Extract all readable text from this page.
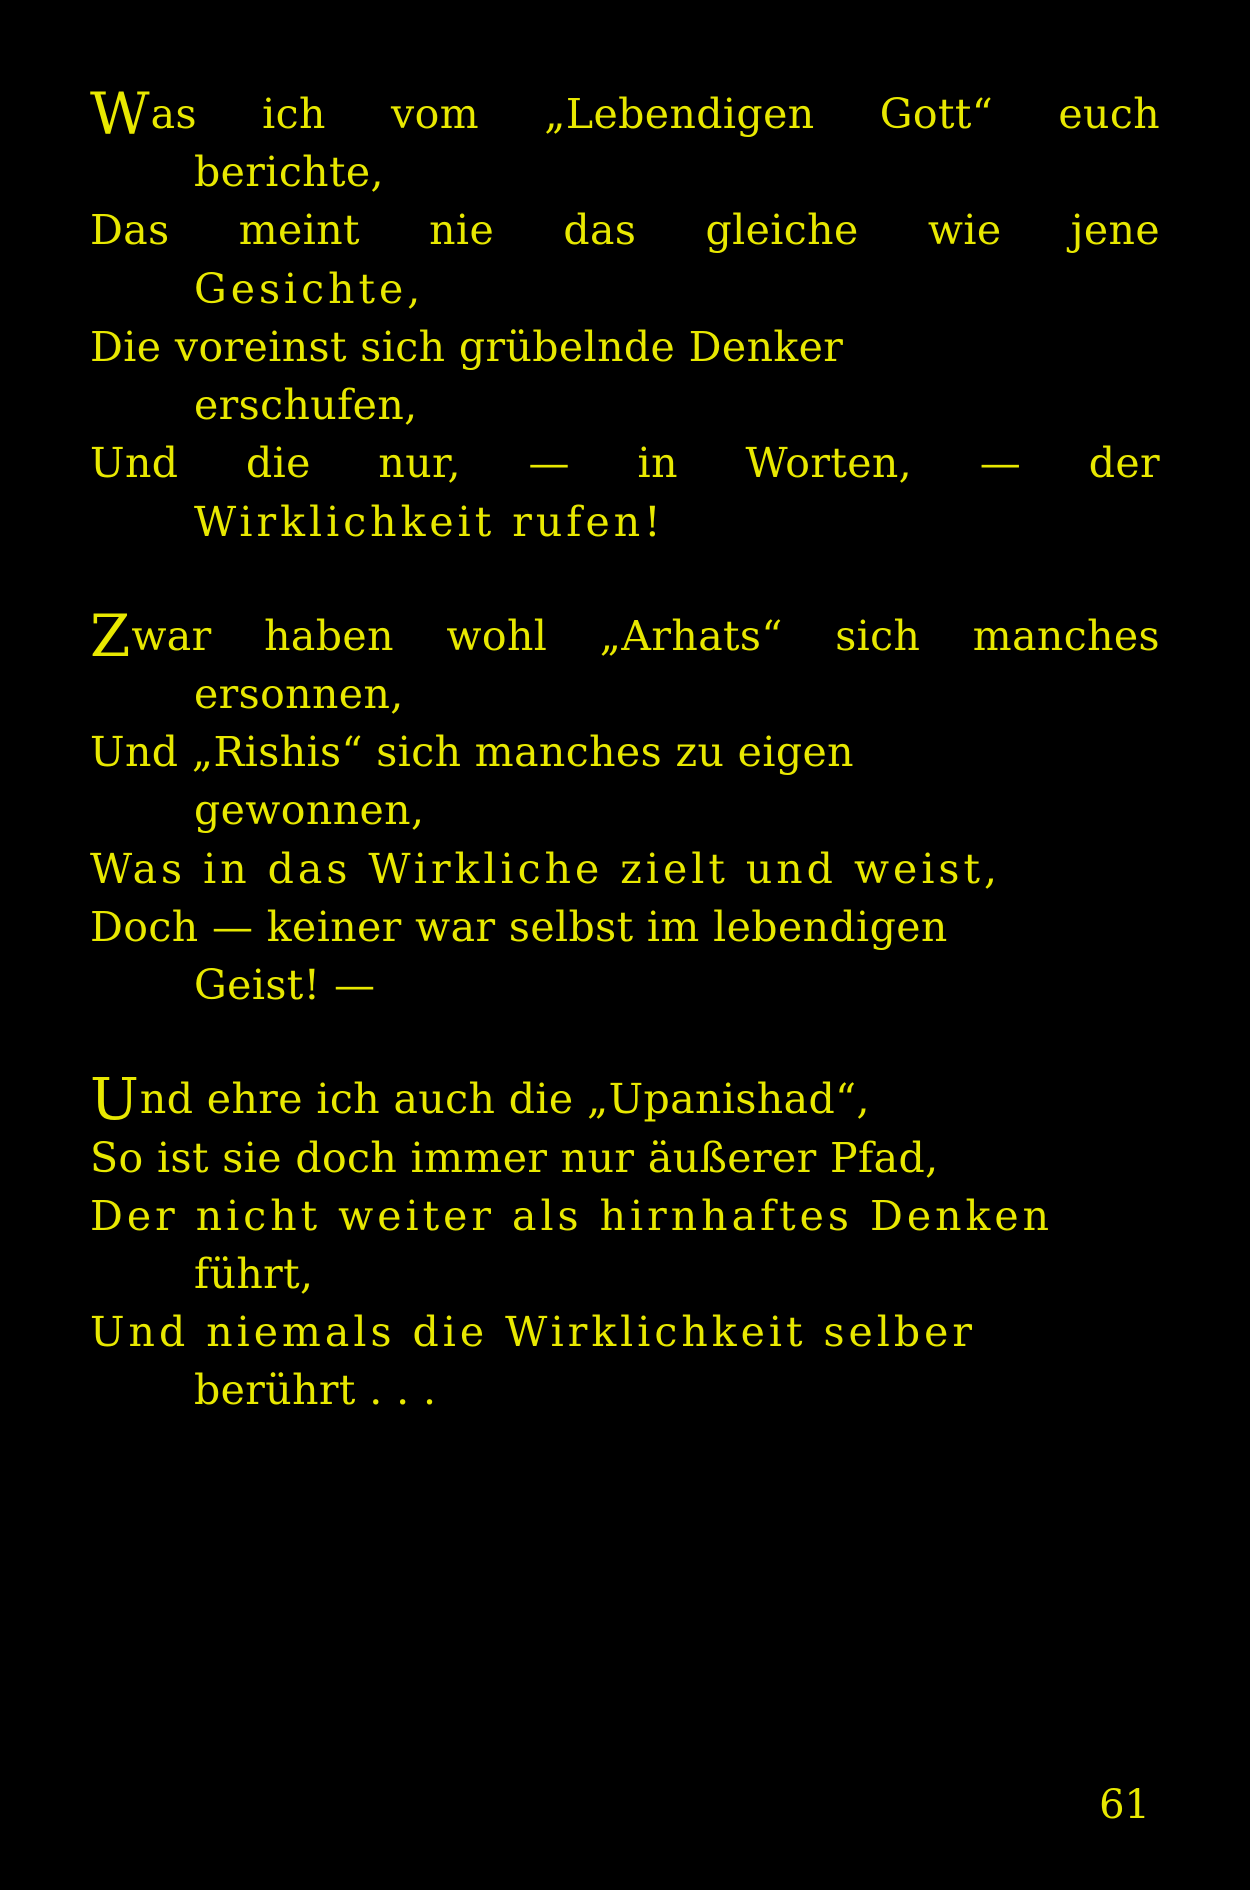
Was ich vom „Lebendigen Gott“ euch
berichte,
Das meint nie das gleiche wie jene
Gesichte,
Die voreinst sich grübelnde Denker
erschufen,
Und die nur, — in Worten, — der
Wirklichkeit rufen!
Zwar haben wohl „Arhats“ sich manches
ersonnen,
Und „Rishis“ sich manches zu eigen
gewonnen,
Was in das Wirkliche zielt und weist,
Doch — keiner war selbst im lebendigen
Geist! —
Und ehre ich auch die „Upanishad“,
So ist sie doch immer nur äußerer Pfad,
Der nicht weiter als hirnhaftes Denken
führt,
Und niemals die Wirklichkeit selber
berührt . . .
61
